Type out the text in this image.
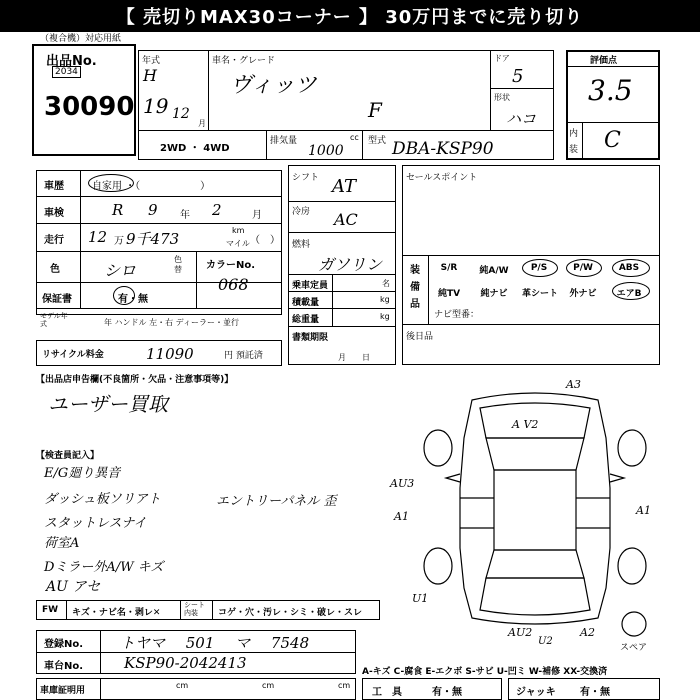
【 売切りMAX30コーナー 】 30万円までに売り切り
（複合機）対応用紙
出品No.
2034
30090
年式
H
19 12
月
車名・グレード
ヴィッツ
F
ドア
5
形状
ハコ
2WD ・ 4WD
排気量	cc
1000
型式 DBA-KSP90
評価点
3.5
内
装 C
車歴	自家用 ・（　　　　　　）
車検	R 9 年 2	月
走行 12 万 9千473	km
マイル （　）
色	シロ
色替 カラーNo.
068
保証書	有・無
モデル年式	年 ハンドル 左・右 ディーラー・並行
リサイクル料金	11090	円 預託済
シフト AT
冷房 AC
燃料
ガソリン
乗車定員	名
積載量	kg
総重量	kg
書類期限
月　　日
セールスポイント
装備品
S/R	純A/W	P/S	P/W	ABS
純TV	純ナビ	革シート	外ナビ	エアB
ナビ型番：
後日品
【出品店申告欄(不良箇所・欠品・注意事項等)】
ユーザー買取
【検査員記入】
E/G廻り異音
ダッシュ板ソリアト
スタットレスナイ
荷室A
Dミラー外A/W キズ
AU アセ
エントリーパネル 歪
A3
A V2
AU3
A1	A1
U1
AU2
U2
A2
スペア
FW キズ・ナビ名・剥レ✕
シート内装	コゲ・穴・汚レ・シミ・破レ・スレ
登録No. トヤマ 501 マ 7548
車台No.	KSP90-2042413
車庫証明用
cm	cm	cm
A-キズ C-腐食 E-エクボ S-サビ U-凹ミ W-補修 XX-交換済
工　具	有・無	ジャッキ 有・無
